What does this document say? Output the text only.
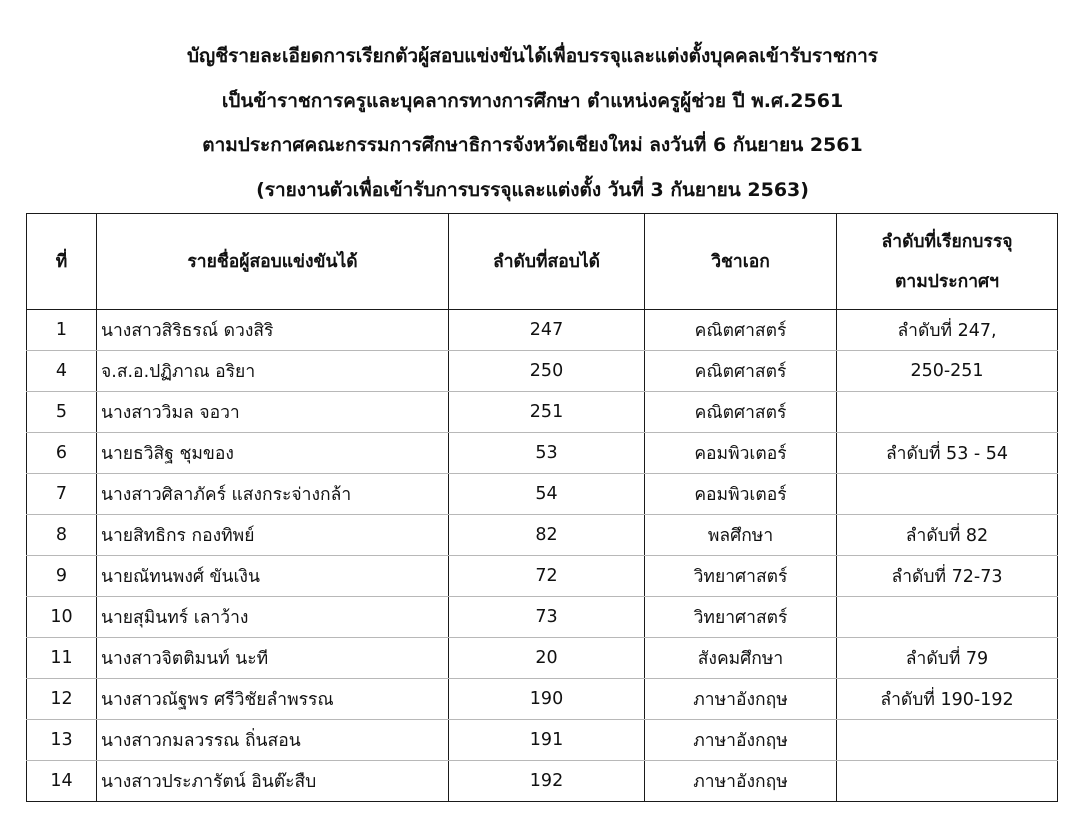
บัญชีรายละเอียดการเรียกตัวผู้สอบแข่งขันได้เพื่อบรรจุและแต่งตั้งบุคคลเข้ารับราชการ
เป็นข้าราชการครูและบุคลากรทางการศึกษา ตำแหน่งครูผู้ช่วย ปี พ.ศ.2561
ตามประกาศคณะกรรมการศึกษาธิการจังหวัดเชียงใหม่ ลงวันที่ 6 กันยายน 2561
(รายงานตัวเพื่อเข้ารับการบรรจุและแต่งตั้ง วันที่ 3 กันยายน 2563)
ที่	รายชื่อผู้สอบแข่งขันได้	ลำดับที่สอบได้	วิชาเอก	ลำดับที่เรียกบรรจุ
ตามประกาศฯ

1	นางสาวสิริธรณ์ ดวงสิริ	247	คณิตศาสตร์	ลำดับที่ 247,
4	จ.ส.อ.ปฏิภาณ อริยา	250	คณิตศาสตร์	250-251
5	นางสาววิมล จอวา	251	คณิตศาสตร์	
6	นายธวิสิฐ ชุมของ	53	คอมพิวเตอร์	ลำดับที่ 53 - 54
7	นางสาวศิลาภัคร์ แสงกระจ่างกล้า	54	คอมพิวเตอร์	
8	นายสิทธิกร กองทิพย์	82	พลศึกษา	ลำดับที่ 82
9	นายณัทนพงศ์ ขันเงิน	72	วิทยาศาสตร์	ลำดับที่ 72-73
10	นายสุมินทร์ เลาว้าง	73	วิทยาศาสตร์	
11	นางสาวจิตติมนท์ นะที	20	สังคมศึกษา	ลำดับที่ 79
12	นางสาวณัฐพร ศรีวิชัยลำพรรณ	190	ภาษาอังกฤษ	ลำดับที่ 190-192
13	นางสาวกมลวรรณ ถิ่นสอน	191	ภาษาอังกฤษ	
14	นางสาวประภารัตน์ อินต๊ะสืบ	192	ภาษาอังกฤษ	
